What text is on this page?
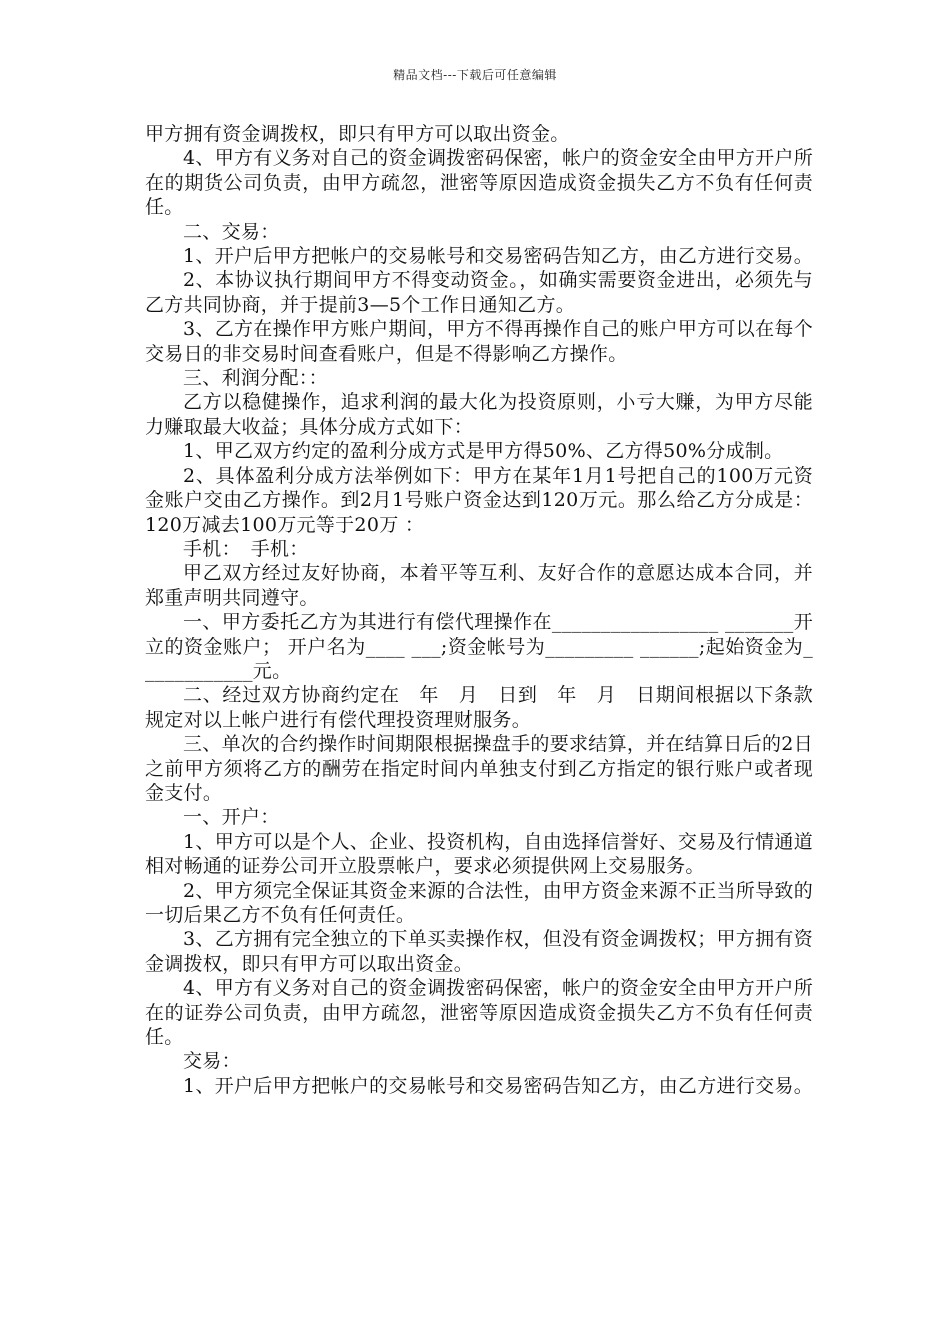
精品文档---下载后可任意编辑

甲方拥有资金调拨权，即只有甲方可以取出资金。

4、甲方有义务对自己的资金调拨密码保密，帐户的资金安全由甲方开户所在的期货公司负责，由甲方疏忽，泄密等原因造成资金损失乙方不负有任何责任。

二、交易：

1、开户后甲方把帐户的交易帐号和交易密码告知乙方，由乙方进行交易。

2、本协议执行期间甲方不得变动资金。，如确实需要资金进出，必须先与乙方共同协商，并于提前3—5个工作日通知乙方。

3、乙方在操作甲方账户期间，甲方不得再操作自己的账户甲方可以在每个交易日的非交易时间查看账户，但是不得影响乙方操作。

三、利润分配：：

乙方以稳健操作，追求利润的最大化为投资原则，小亏大赚，为甲方尽能力赚取最大收益；具体分成方式如下：

1、甲乙双方约定的盈利分成方式是甲方得50%、乙方得50%分成制。

2、具体盈利分成方法举例如下：甲方在某年1月1号把自己的100万元资金账户交由乙方操作。到2月1号账户资金达到120万元。那么给乙方分成是：120万减去100万元等于20万 ：

手机：　手机：

甲乙双方经过友好协商，本着平等互利、友好合作的意愿达成本合同，并郑重声明共同遵守。

一、甲方委托乙方为其进行有偿代理操作在_________________ _______开立的资金账户； 开户名为____ ___;资金帐号为_________ ______;起始资金为____________元。

二、经过双方协商约定在　年　月　日到　年　月　日期间根据以下条款规定对以上帐户进行有偿代理投资理财服务。

三、单次的合约操作时间期限根据操盘手的要求结算，并在结算日后的2日之前甲方须将乙方的酬劳在指定时间内单独支付到乙方指定的银行账户或者现金支付。

一、开户：

1、甲方可以是个人、企业、投资机构，自由选择信誉好、交易及行情通道相对畅通的证券公司开立股票帐户，要求必须提供网上交易服务。

2、甲方须完全保证其资金来源的合法性，由甲方资金来源不正当所导致的一切后果乙方不负有任何责任。

3、乙方拥有完全独立的下单买卖操作权，但没有资金调拨权；甲方拥有资金调拨权，即只有甲方可以取出资金。

4、甲方有义务对自己的资金调拨密码保密，帐户的资金安全由甲方开户所在的证券公司负责，由甲方疏忽，泄密等原因造成资金损失乙方不负有任何责任。

交易：

1、开户后甲方把帐户的交易帐号和交易密码告知乙方，由乙方进行交易。
